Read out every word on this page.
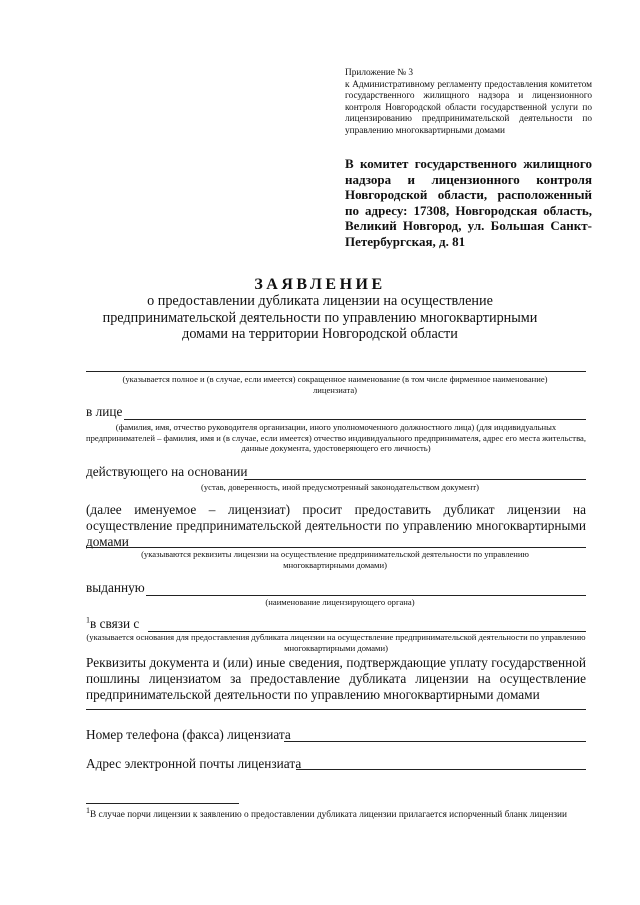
Приложение № 3
к Административному регламенту предоставления комитетом государственного жилищного надзора и лицензионного контроля Новгородской области государственной услуги по лицензированию предпринимательской деятельности по управлению многоквартирными домами
В комитет государственного жилищного надзора и лицензионного контроля Новгородской области, расположенный по адресу: 17308, Новгородская область, Великий Новгород, ул. Большая Санкт-Петербургская, д. 81
ЗАЯВЛЕНИЕ
о предоставлении дубликата лицензии на осуществление предпринимательской деятельности по управлению многоквартирными домами на территории Новгородской области
(указывается полное и (в случае, если имеется) сокращенное наименование (в том числе фирменное наименование) лицензиата)
в лице
(фамилия, имя, отчество руководителя организации, иного уполномоченного должностного лица) (для индивидуальных предпринимателей – фамилия, имя и (в случае, если имеется) отчество индивидуального предпринимателя, адрес его места жительства, данные документа, удостоверяющего его личность)
действующего на основании
(устав, доверенность, иной предусмотренный законодательством документ)
(далее именуемое – лицензиат) просит предоставить дубликат лицензии на осуществление предпринимательской деятельности по управлению многоквартирными домами
(указываются реквизиты лицензии на осуществление предпринимательской деятельности по управлению многоквартирными домами)
выданную
(наименование лицензирующего органа)
$^1$в связи с
(указывается основания для предоставления дубликата лицензии на осуществление предпринимательской деятельности по управлению многоквартирными домами)
Реквизиты документа и (или) иные сведения, подтверждающие уплату государственной пошлины лицензиатом за предоставление дубликата лицензии на осуществление предпринимательской деятельности по управлению многоквартирными домами
Номер телефона (факса) лицензиата
Адрес электронной почты лицензиата
1В случае порчи лицензии к заявлению о предоставлении дубликата лицензии прилагается испорченный бланк лицензии
